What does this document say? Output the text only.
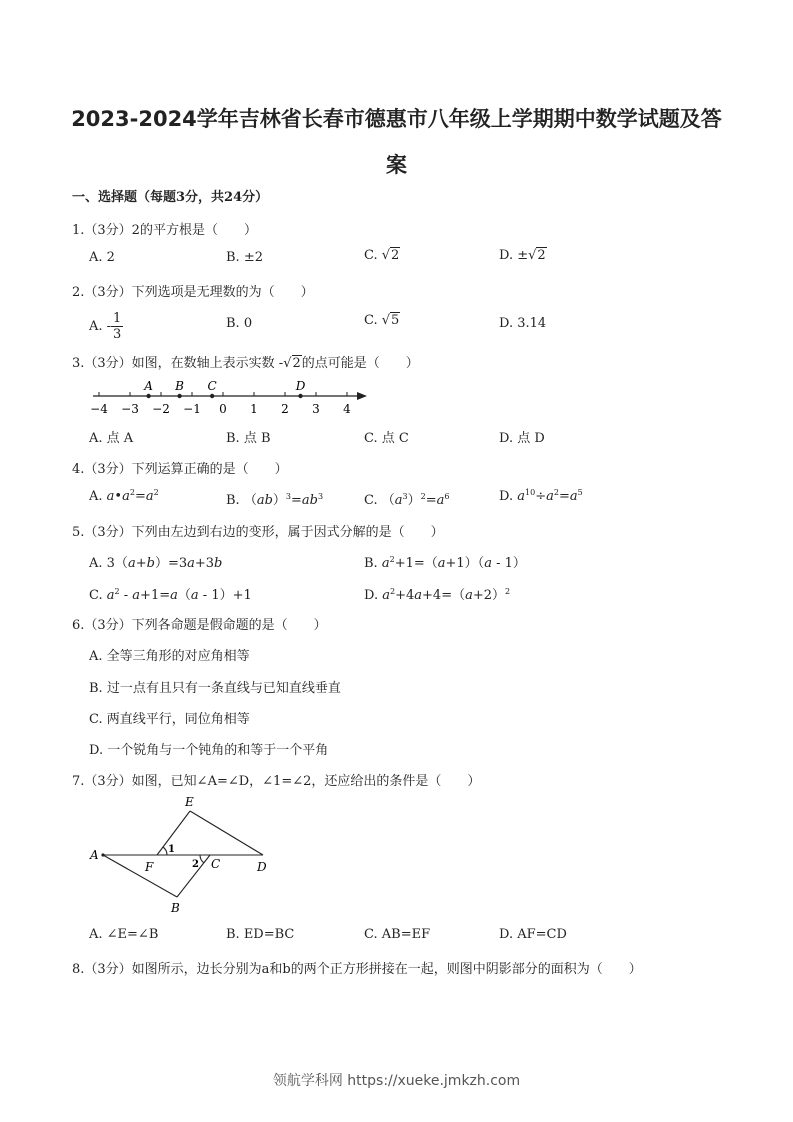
2023-2024学年吉林省长春市德惠市八年级上学期期中数学试题及答
案
一、选择题（每题3分，共24分）
1.（3分）2的平方根是（　　）
A. 2	B. ±2	C. √2	D. ±√2
2.（3分）下列选项是无理数的为（　　）
A. - $\frac{1}{3}$	B. 0	C. √5	D. 3.14
3.（3分）如图，在数轴上表示实数 -√2的点可能是（　　）
−4 −3 −2 −1 0 1 2 3 4
A B C	D
A. 点 A	B. 点 B	C. 点 C	D. 点 D
4.（3分）下列运算正确的是（　　）
A. $a•a^2=a^2$
B. $(ab)^3=ab^3$	C. $(a^3)^2=a^6$	D. $a^{10}\div a^2=a^5$
5.（3分）下列由左边到右边的变形，属于因式分解的是（　　）
A. 3（a+b）=3a+3b	B. $a^2+1=(a+1)(a - 1)$
C. $a^2 - a+1=a(a - 1)+1$	D. $a^2+4a+4=(a+2)^2$
6.（3分）下列各命题是假命题的是（　　）
A. 全等三角形的对应角相等
B. 过一点有且只有一条直线与已知直线垂直
C. 两直线平行，同位角相等
D. 一个锐角与一个钝角的和等于一个平角
7.（3分）如图，已知∠A=∠D，∠1=∠2，还应给出的条件是（　　）
E
A
F
1
2 C	D
B
A. ∠E=∠B	B. ED=BC	C. AB=EF	D. AF=CD
8.（3分）如图所示，边长分别为a和b的两个正方形拼接在一起，则图中阴影部分的面积为（　　）
领航学科网 https://xueke.jmkzh.com
